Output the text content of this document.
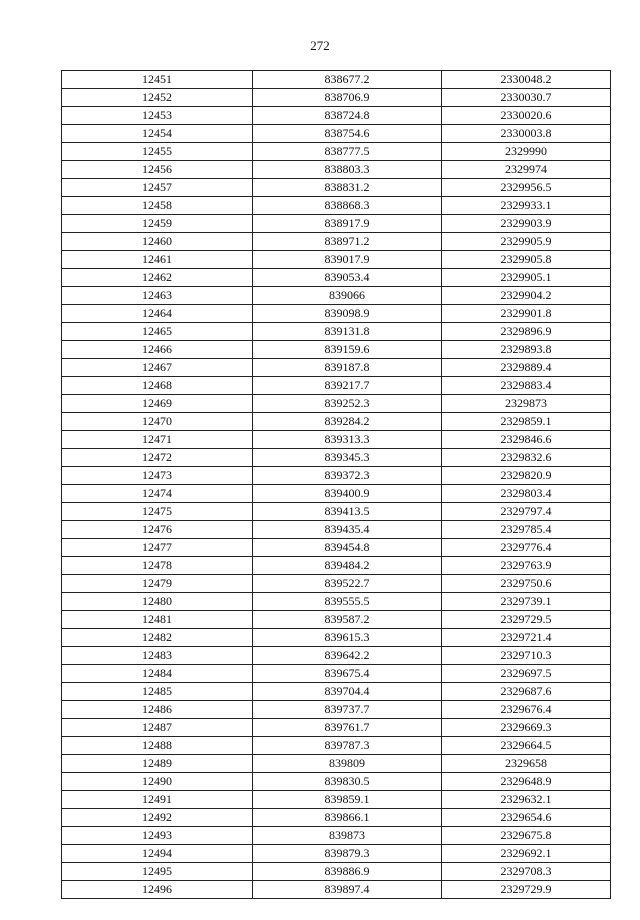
272
12451	838677.2	2330048.2
12452	838706.9	2330030.7
12453	838724.8	2330020.6
12454	838754.6	2330003.8
12455	838777.5	2329990
12456	838803.3	2329974
12457	838831.2	2329956.5
12458	838868.3	2329933.1
12459	838917.9	2329903.9
12460	838971.2	2329905.9
12461	839017.9	2329905.8
12462	839053.4	2329905.1
12463	839066	2329904.2
12464	839098.9	2329901.8
12465	839131.8	2329896.9
12466	839159.6	2329893.8
12467	839187.8	2329889.4
12468	839217.7	2329883.4
12469	839252.3	2329873
12470	839284.2	2329859.1
12471	839313.3	2329846.6
12472	839345.3	2329832.6
12473	839372.3	2329820.9
12474	839400.9	2329803.4
12475	839413.5	2329797.4
12476	839435.4	2329785.4
12477	839454.8	2329776.4
12478	839484.2	2329763.9
12479	839522.7	2329750.6
12480	839555.5	2329739.1
12481	839587.2	2329729.5
12482	839615.3	2329721.4
12483	839642.2	2329710.3
12484	839675.4	2329697.5
12485	839704.4	2329687.6
12486	839737.7	2329676.4
12487	839761.7	2329669.3
12488	839787.3	2329664.5
12489	839809	2329658
12490	839830.5	2329648.9
12491	839859.1	2329632.1
12492	839866.1	2329654.6
12493	839873	2329675.8
12494	839879.3	2329692.1
12495	839886.9	2329708.3
12496	839897.4	2329729.9
